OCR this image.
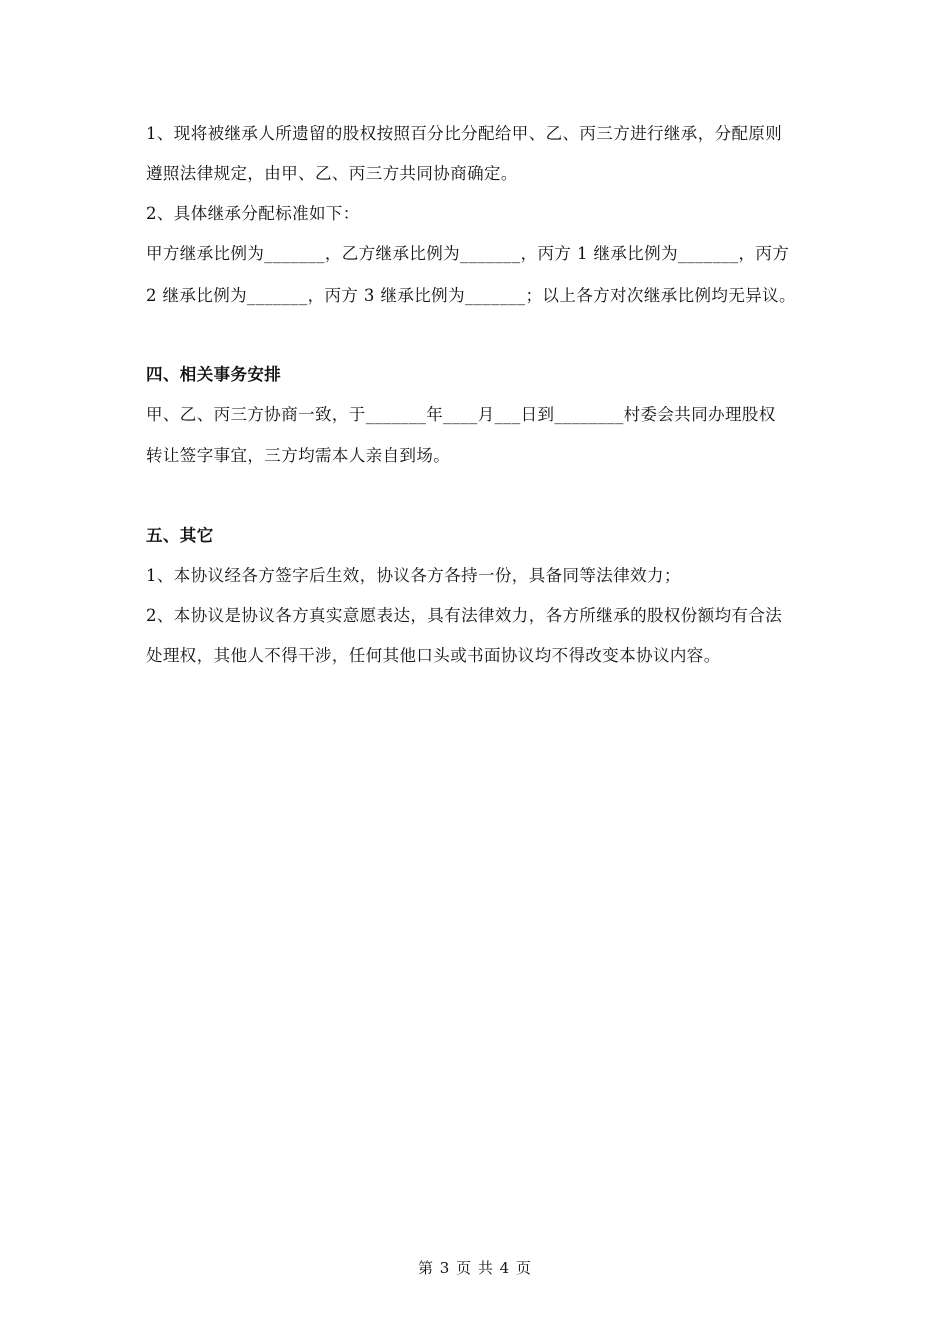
1、现将被继承人所遗留的股权按照百分比分配给甲、乙、丙三方进行继承，分配原则

遵照法律规定，由甲、乙、丙三方共同协商确定。

2、具体继承分配标准如下：

甲方继承比例为_______，乙方继承比例为_______，丙方 1 继承比例为_______，丙方

2 继承比例为_______，丙方 3 继承比例为_______；以上各方对次继承比例均无异议。

四、相关事务安排

甲、乙、丙三方协商一致，于_______年____月___日到________村委会共同办理股权

转让签字事宜，三方均需本人亲自到场。

五、其它

1、本协议经各方签字后生效，协议各方各持一份，具备同等法律效力；

2、本协议是协议各方真实意愿表达，具有法律效力，各方所继承的股权份额均有合法

处理权，其他人不得干涉，任何其他口头或书面协议均不得改变本协议内容。

第 3 页 共 4 页
